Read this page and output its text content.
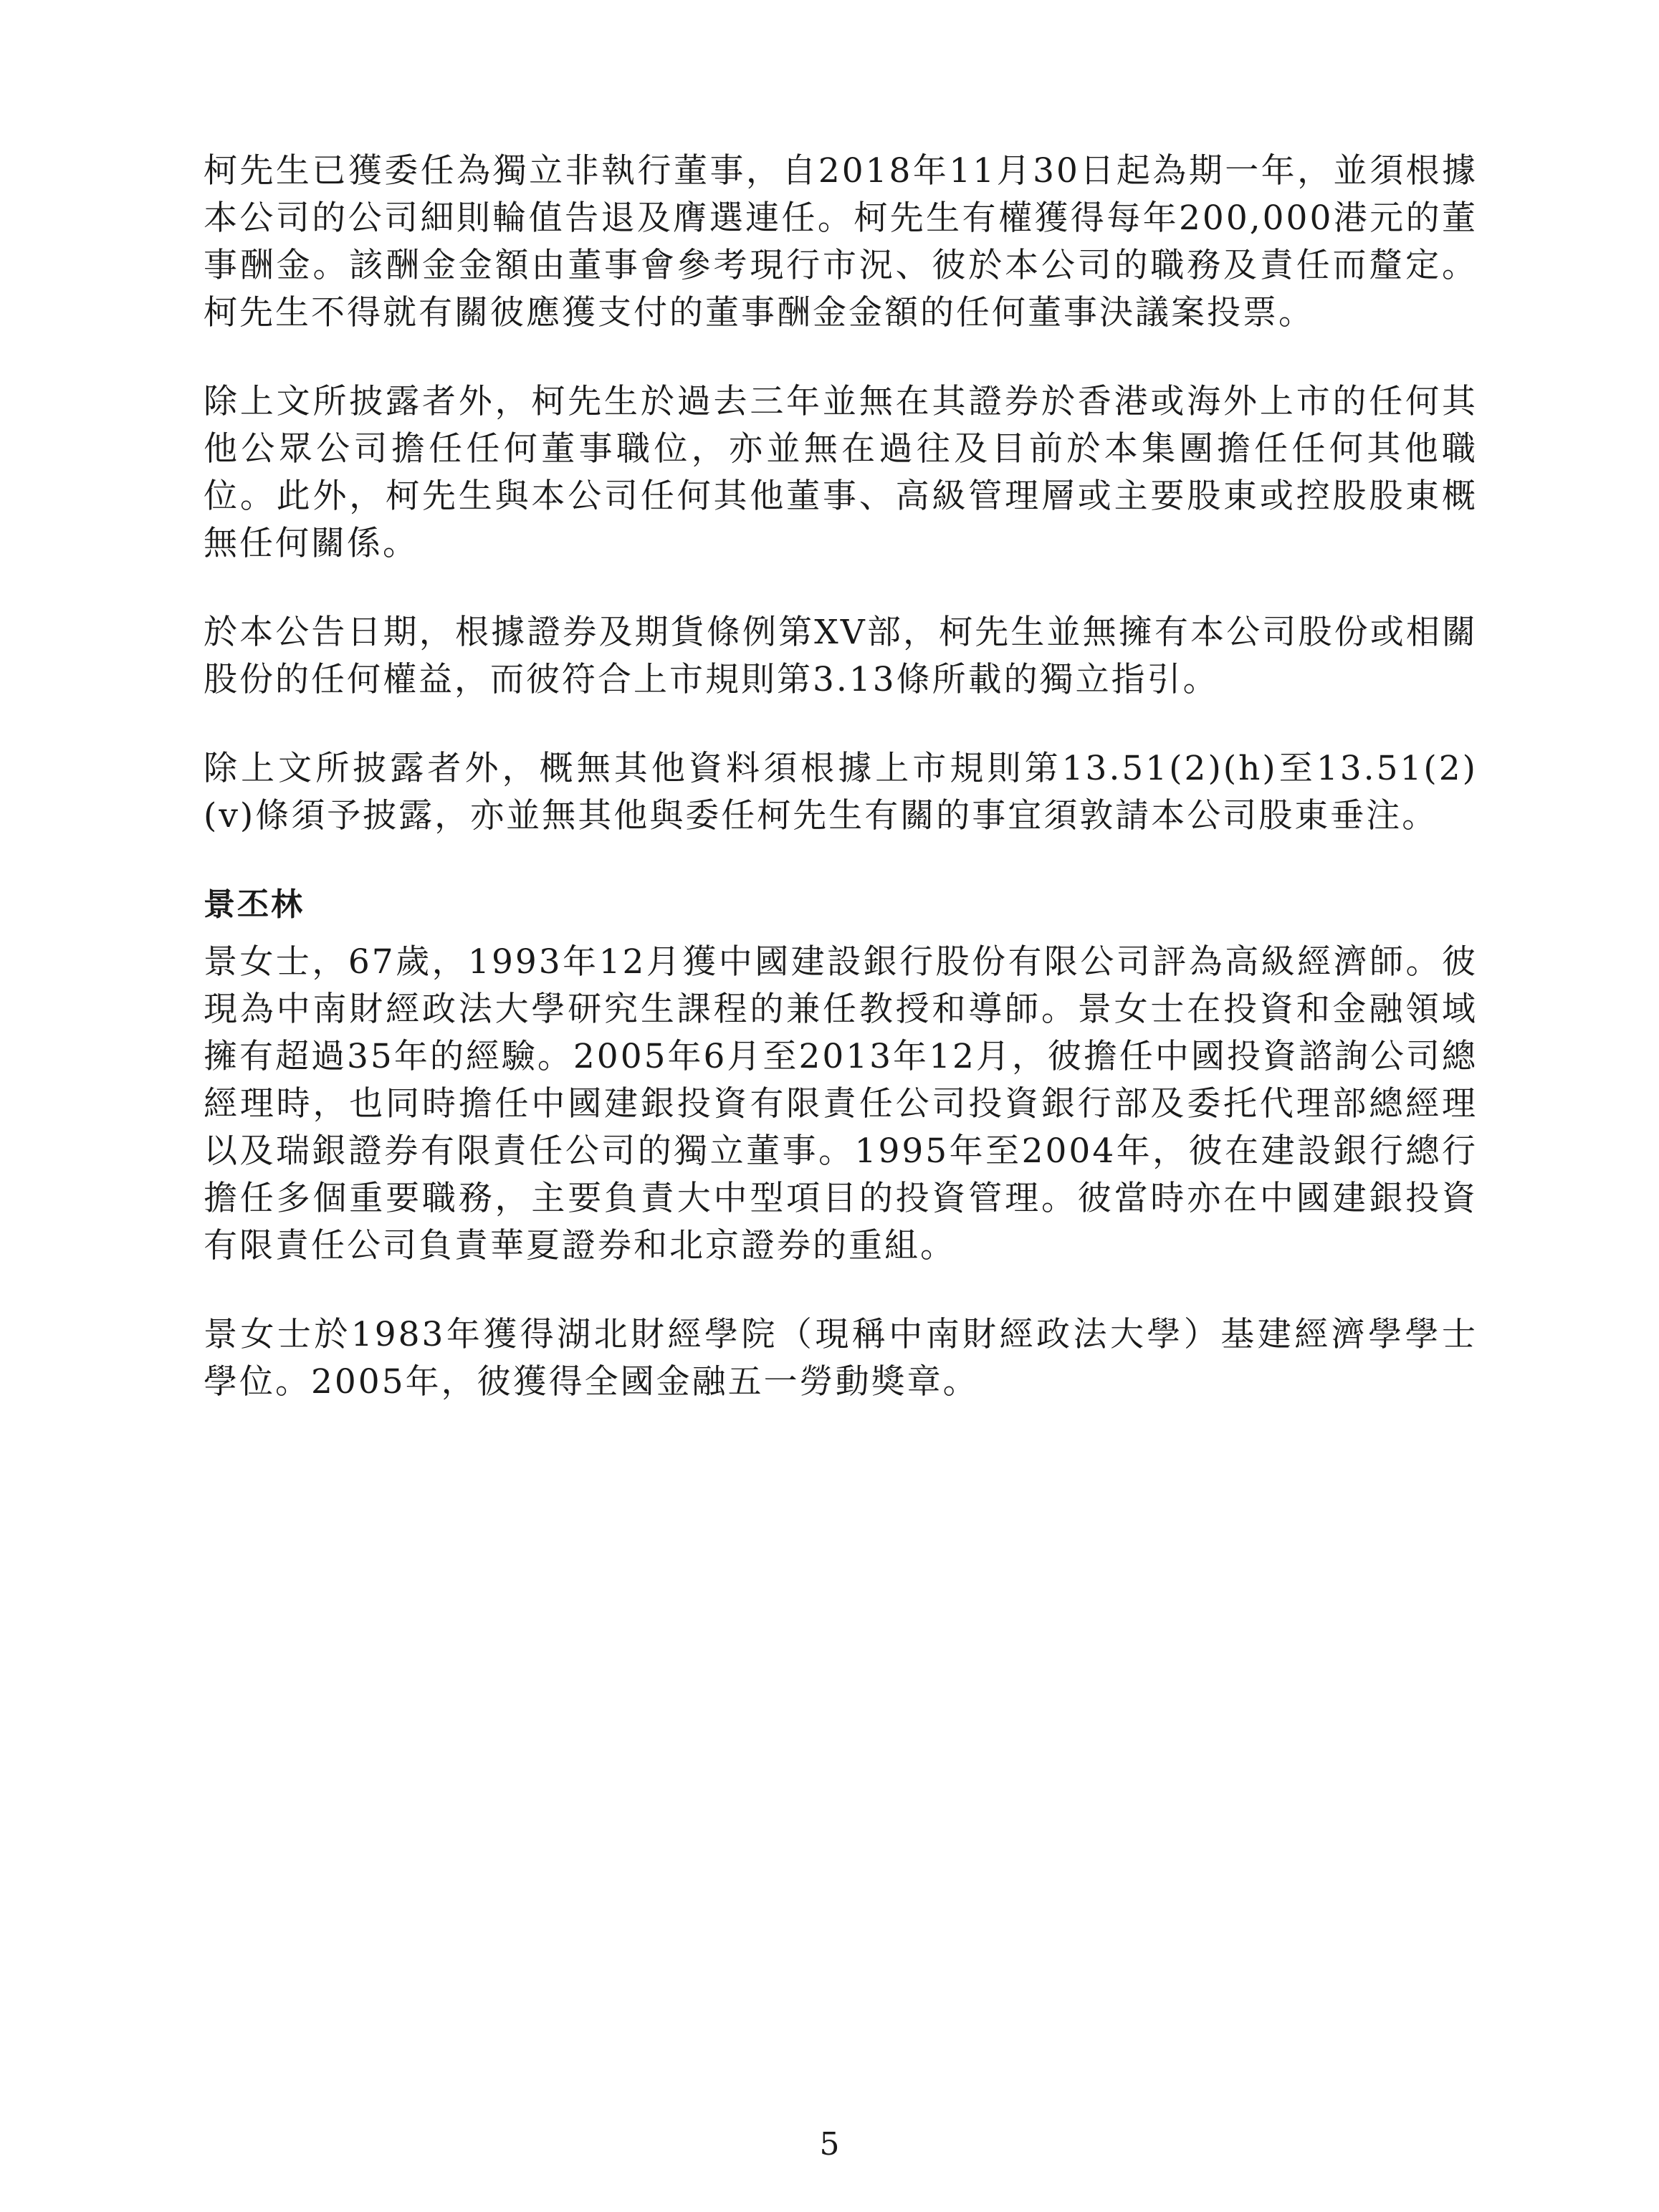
柯先生已獲委任為獨立非執行董事，自2018年11月30日起為期一年，並須根據本公司的公司細則輪值告退及膺選連任。柯先生有權獲得每年200,000港元的董事酬金。該酬金金額由董事會參考現行市況、彼於本公司的職務及責任而釐定。柯先生不得就有關彼應獲支付的董事酬金金額的任何董事決議案投票。

除上文所披露者外，柯先生於過去三年並無在其證券於香港或海外上市的任何其他公眾公司擔任任何董事職位，亦並無在過往及目前於本集團擔任任何其他職位。此外，柯先生與本公司任何其他董事、高級管理層或主要股東或控股股東概無任何關係。

於本公告日期，根據證券及期貨條例第XV部，柯先生並無擁有本公司股份或相關股份的任何權益，而彼符合上市規則第3.13條所載的獨立指引。

除上文所披露者外，概無其他資料須根據上市規則第13.51(2)(h)至13.51(2)(v)條須予披露，亦並無其他與委任柯先生有關的事宜須敦請本公司股東垂注。

景丕林

景女士，67歲，1993年12月獲中國建設銀行股份有限公司評為高級經濟師。彼現為中南財經政法大學研究生課程的兼任教授和導師。景女士在投資和金融領域擁有超過35年的經驗。2005年6月至2013年12月，彼擔任中國投資諮詢公司總經理時，也同時擔任中國建銀投資有限責任公司投資銀行部及委托代理部總經理以及瑞銀證券有限責任公司的獨立董事。1995年至2004年，彼在建設銀行總行擔任多個重要職務，主要負責大中型項目的投資管理。彼當時亦在中國建銀投資有限責任公司負責華夏證券和北京證券的重組。

景女士於1983年獲得湖北財經學院（現稱中南財經政法大學）基建經濟學學士學位。2005年，彼獲得全國金融五一勞動獎章。

5
